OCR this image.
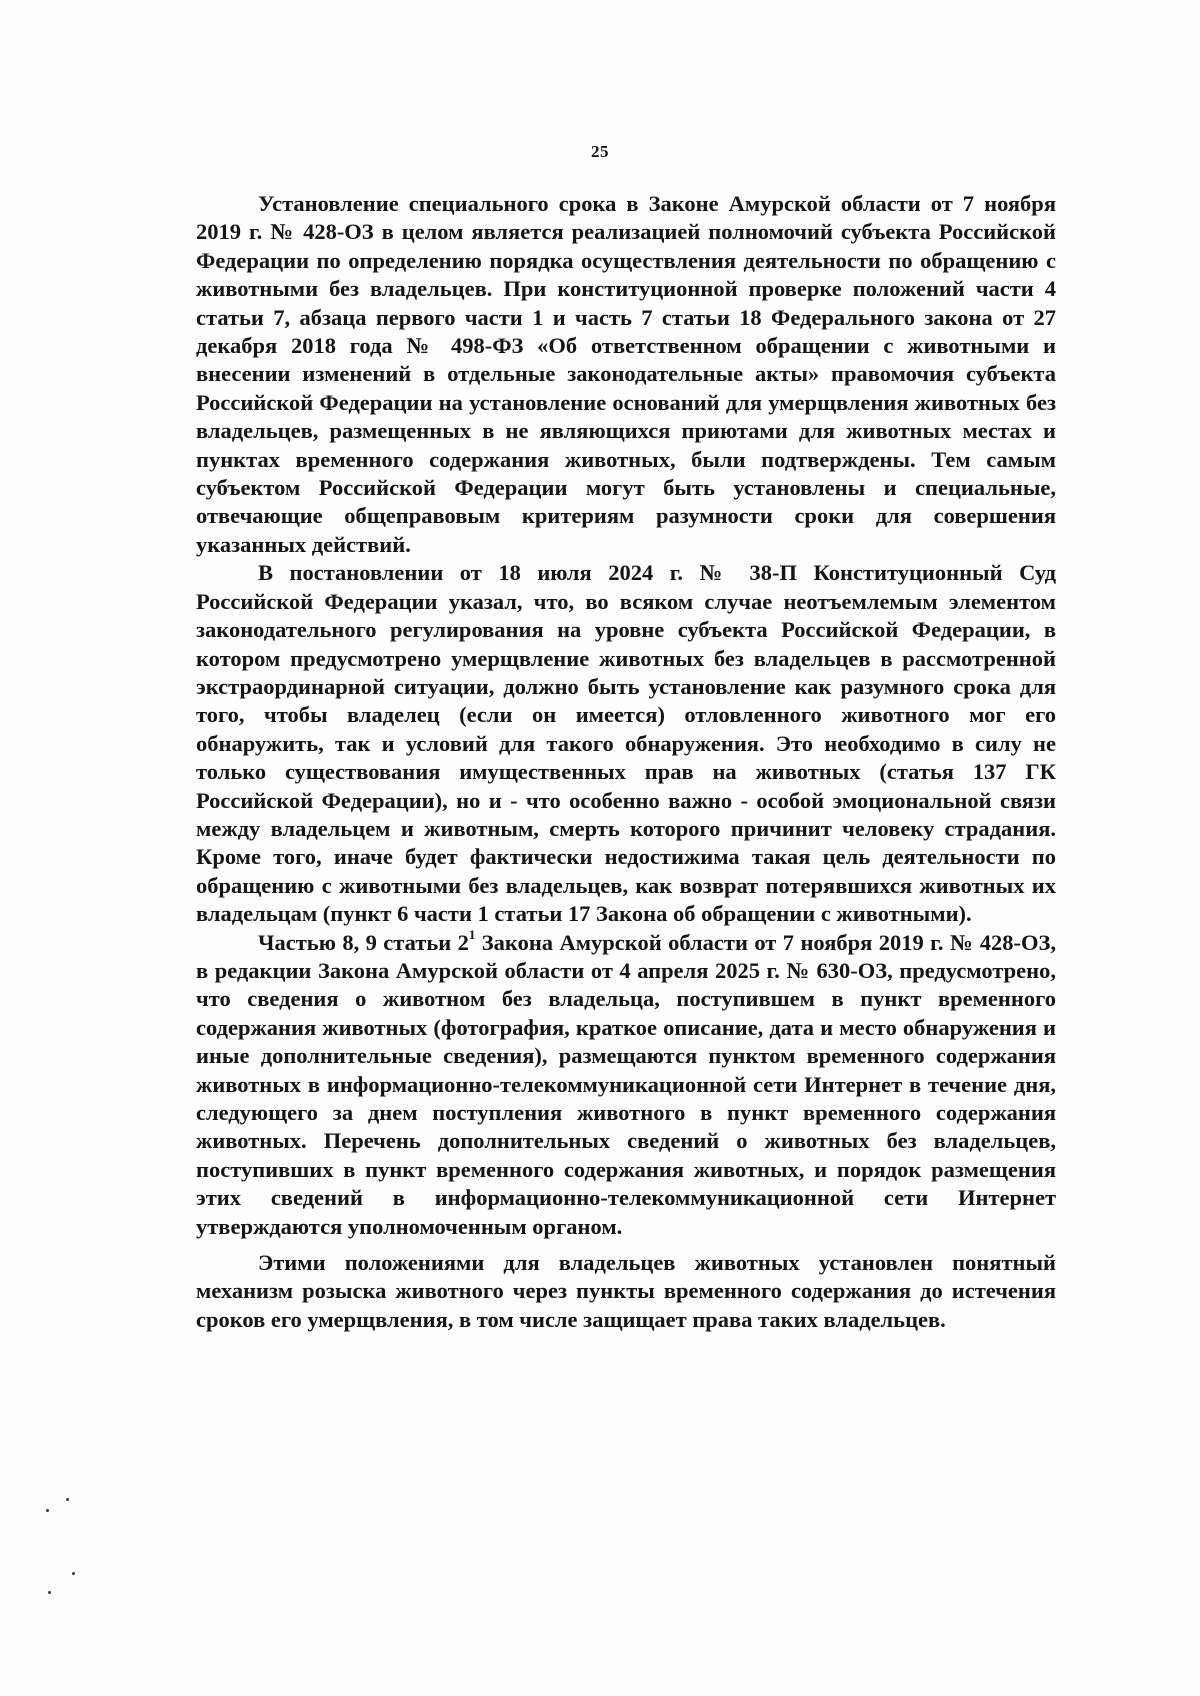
25

Установление специального срока в Законе Амурской области от 7 ноября 2019 г. № 428-ОЗ в целом является реализацией полномочий субъекта Российской Федерации по определению порядка осуществления деятельности по обращению с животными без владельцев. При конституционной проверке положений части 4 статьи 7, абзаца первого части 1 и часть 7 статьи 18 Федерального закона от 27 декабря 2018 года № 498-ФЗ «Об ответственном обращении с животными и внесении изменений в отдельные законодательные акты» правомочия субъекта Российской Федерации на установление оснований для умерщвления животных без владельцев, размещенных в не являющихся приютами для животных местах и пунктах временного содержания животных, были подтверждены. Тем самым субъектом Российской Федерации могут быть установлены и специальные, отвечающие общеправовым критериям разумности сроки для совершения указанных действий.

В постановлении от 18 июля 2024 г. № 38-П Конституционный Суд Российской Федерации указал, что, во всяком случае неотъемлемым элементом законодательного регулирования на уровне субъекта Российской Федерации, в котором предусмотрено умерщвление животных без владельцев в рассмотренной экстраординарной ситуации, должно быть установление как разумного срока для того, чтобы владелец (если он имеется) отловленного животного мог его обнаружить, так и условий для такого обнаружения. Это необходимо в силу не только существования имущественных прав на животных (статья 137 ГК Российской Федерации), но и - что особенно важно - особой эмоциональной связи между владельцем и животным, смерть которого причинит человеку страдания. Кроме того, иначе будет фактически недостижима такая цель деятельности по обращению с животными без владельцев, как возврат потерявшихся животных их владельцам (пункт 6 части 1 статьи 17 Закона об обращении с животными).

Частью 8, 9 статьи $2^1$ Закона Амурской области от 7 ноября 2019 г. № 428-ОЗ, в редакции Закона Амурской области от 4 апреля 2025 г. № 630-ОЗ, предусмотрено, что сведения о животном без владельца, поступившем в пункт временного содержания животных (фотография, краткое описание, дата и место обнаружения и иные дополнительные сведения), размещаются пунктом временного содержания животных в информационно-телекоммуникационной сети Интернет в течение дня, следующего за днем поступления животного в пункт временного содержания животных. Перечень дополнительных сведений о животных без владельцев, поступивших в пункт временного содержания животных, и порядок размещения этих сведений в информационно-телекоммуникационной сети Интернет утверждаются уполномоченным органом.

Этими положениями для владельцев животных установлен понятный механизм розыска животного через пункты временного содержания до истечения сроков его умерщвления, в том числе защищает права таких владельцев.
